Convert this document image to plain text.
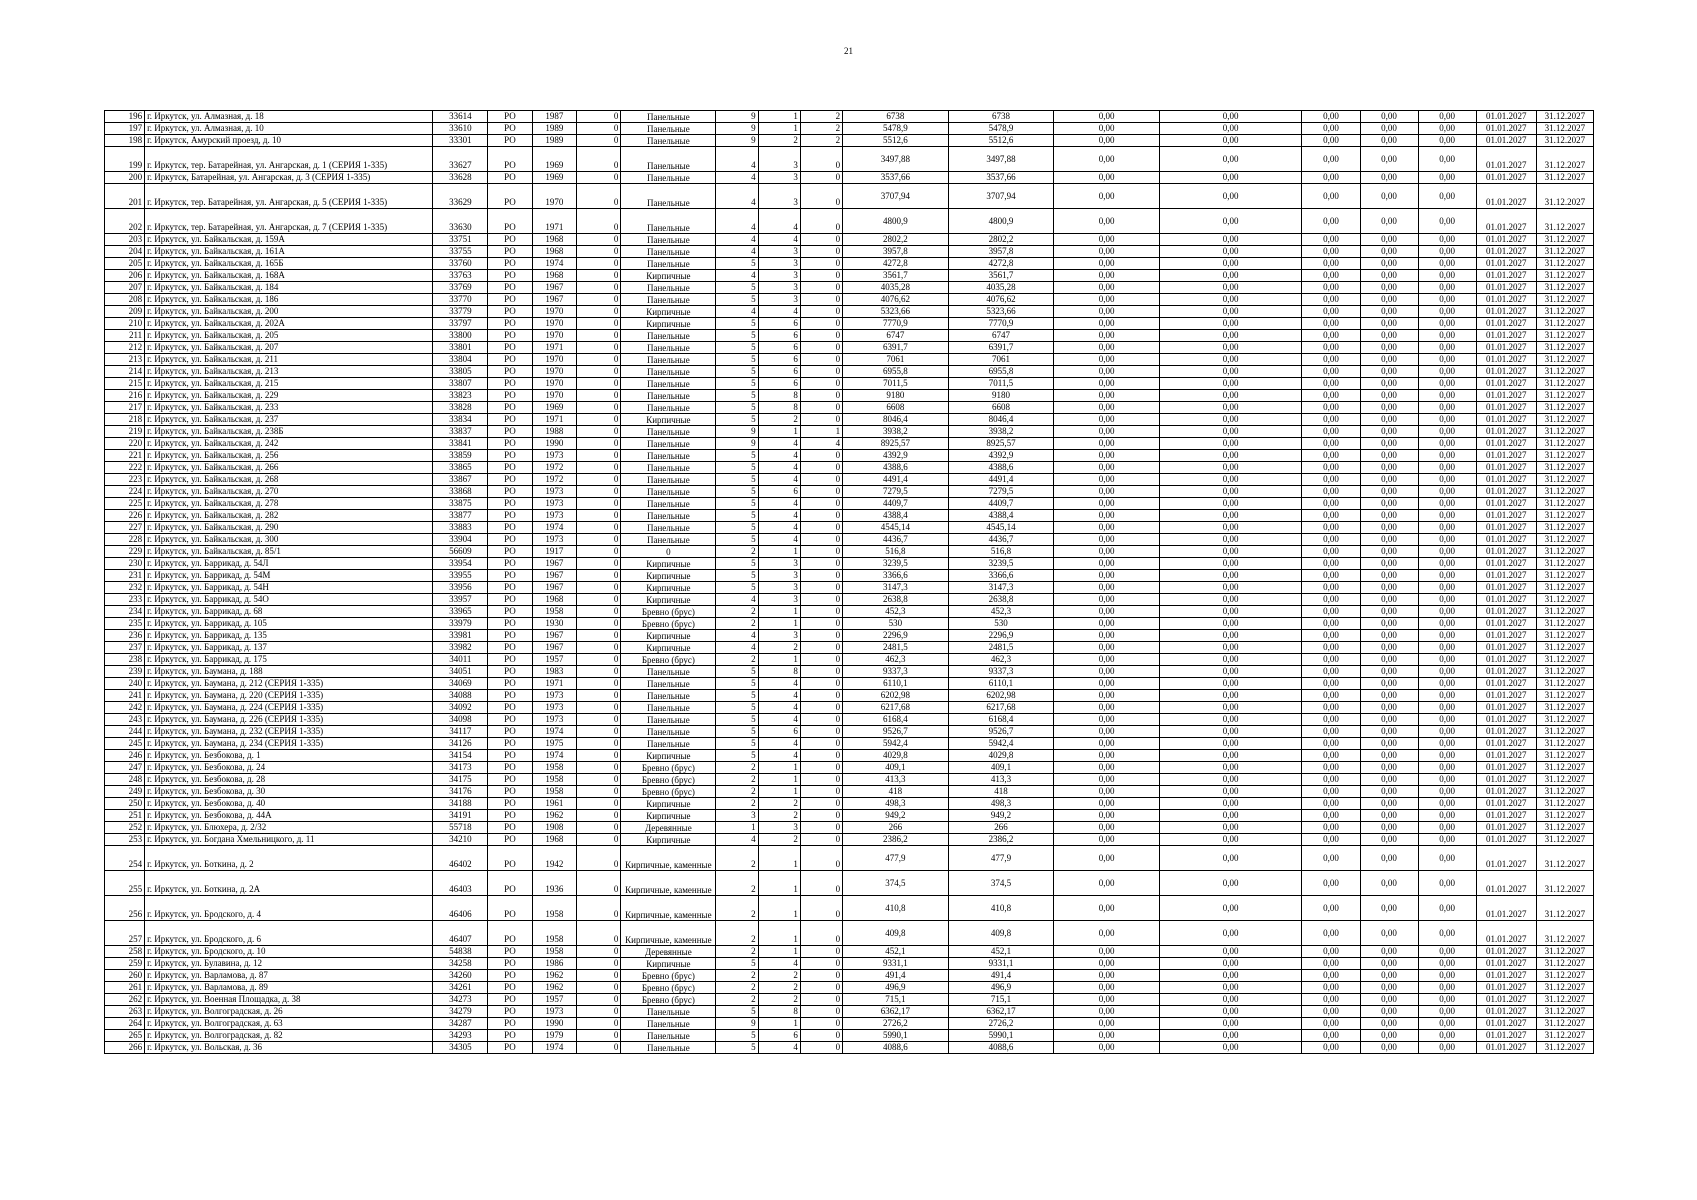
21
196	г. Иркутск, ул. Алмазная, д. 18	33614	РО	1987	0	Панельные	9	1	2	6738	6738	0,00	0,00	0,00	0,00	0,00	01.01.2027	31.12.2027
197	г. Иркутск, ул. Алмазная, д. 10	33610	РО	1989	0	Панельные	9	1	2	5478,9	5478,9	0,00	0,00	0,00	0,00	0,00	01.01.2027	31.12.2027
198	г. Иркутск, Амурский проезд, д. 10	33301	РО	1989	0	Панельные	9	2	2	5512,6	5512,6	0,00	0,00	0,00	0,00	0,00	01.01.2027	31.12.2027
199	г. Иркутск, тер. Батарейная, ул. Ангарская, д. 1 (СЕРИЯ 1-335)	33627	РО	1969	0	Панельные	4	3	0	3497,88	3497,88	0,00	0,00	0,00	0,00	0,00	01.01.2027	31.12.2027
200	г. Иркутск, Батарейная, ул. Ангарская, д. 3 (СЕРИЯ 1-335)	33628	РО	1969	0	Панельные	4	3	0	3537,66	3537,66	0,00	0,00	0,00	0,00	0,00	01.01.2027	31.12.2027
201	г. Иркутск, тер. Батарейная, ул. Ангарская, д. 5 (СЕРИЯ 1-335)	33629	РО	1970	0	Панельные	4	3	0	3707,94	3707,94	0,00	0,00	0,00	0,00	0,00	01.01.2027	31.12.2027
202	г. Иркутск, тер. Батарейная, ул. Ангарская, д. 7 (СЕРИЯ 1-335)	33630	РО	1971	0	Панельные	4	4	0	4800,9	4800,9	0,00	0,00	0,00	0,00	0,00	01.01.2027	31.12.2027
203	г. Иркутск, ул. Байкальская, д. 159А	33751	РО	1968	0	Панельные	4	4	0	2802,2	2802,2	0,00	0,00	0,00	0,00	0,00	01.01.2027	31.12.2027
204	г. Иркутск, ул. Байкальская, д. 161А	33755	РО	1968	0	Панельные	4	3	0	3957,8	3957,8	0,00	0,00	0,00	0,00	0,00	01.01.2027	31.12.2027
205	г. Иркутск, ул. Байкальская, д. 165Б	33760	РО	1974	0	Панельные	5	3	0	4272,8	4272,8	0,00	0,00	0,00	0,00	0,00	01.01.2027	31.12.2027
206	г. Иркутск, ул. Байкальская, д. 168А	33763	РО	1968	0	Кирпичные	4	3	0	3561,7	3561,7	0,00	0,00	0,00	0,00	0,00	01.01.2027	31.12.2027
207	г. Иркутск, ул. Байкальская, д. 184	33769	РО	1967	0	Панельные	5	3	0	4035,28	4035,28	0,00	0,00	0,00	0,00	0,00	01.01.2027	31.12.2027
208	г. Иркутск, ул. Байкальская, д. 186	33770	РО	1967	0	Панельные	5	3	0	4076,62	4076,62	0,00	0,00	0,00	0,00	0,00	01.01.2027	31.12.2027
209	г. Иркутск, ул. Байкальская, д. 200	33779	РО	1970	0	Кирпичные	4	4	0	5323,66	5323,66	0,00	0,00	0,00	0,00	0,00	01.01.2027	31.12.2027
210	г. Иркутск, ул. Байкальская, д. 202А	33797	РО	1970	0	Кирпичные	5	6	0	7770,9	7770,9	0,00	0,00	0,00	0,00	0,00	01.01.2027	31.12.2027
211	г. Иркутск, ул. Байкальская, д. 205	33800	РО	1970	0	Панельные	5	6	0	6747	6747	0,00	0,00	0,00	0,00	0,00	01.01.2027	31.12.2027
212	г. Иркутск, ул. Байкальская, д. 207	33801	РО	1971	0	Панельные	5	6	0	6391,7	6391,7	0,00	0,00	0,00	0,00	0,00	01.01.2027	31.12.2027
213	г. Иркутск, ул. Байкальская, д. 211	33804	РО	1970	0	Панельные	5	6	0	7061	7061	0,00	0,00	0,00	0,00	0,00	01.01.2027	31.12.2027
214	г. Иркутск, ул. Байкальская, д. 213	33805	РО	1970	0	Панельные	5	6	0	6955,8	6955,8	0,00	0,00	0,00	0,00	0,00	01.01.2027	31.12.2027
215	г. Иркутск, ул. Байкальская, д. 215	33807	РО	1970	0	Панельные	5	6	0	7011,5	7011,5	0,00	0,00	0,00	0,00	0,00	01.01.2027	31.12.2027
216	г. Иркутск, ул. Байкальская, д. 229	33823	РО	1970	0	Панельные	5	8	0	9180	9180	0,00	0,00	0,00	0,00	0,00	01.01.2027	31.12.2027
217	г. Иркутск, ул. Байкальская, д. 233	33828	РО	1969	0	Панельные	5	8	0	6608	6608	0,00	0,00	0,00	0,00	0,00	01.01.2027	31.12.2027
218	г. Иркутск, ул. Байкальская, д. 237	33834	РО	1971	0	Кирпичные	5	2	0	8046,4	8046,4	0,00	0,00	0,00	0,00	0,00	01.01.2027	31.12.2027
219	г. Иркутск, ул. Байкальская, д. 238Б	33837	РО	1988	0	Панельные	9	1	1	3938,2	3938,2	0,00	0,00	0,00	0,00	0,00	01.01.2027	31.12.2027
220	г. Иркутск, ул. Байкальская, д. 242	33841	РО	1990	0	Панельные	9	4	4	8925,57	8925,57	0,00	0,00	0,00	0,00	0,00	01.01.2027	31.12.2027
221	г. Иркутск, ул. Байкальская, д. 256	33859	РО	1973	0	Панельные	5	4	0	4392,9	4392,9	0,00	0,00	0,00	0,00	0,00	01.01.2027	31.12.2027
222	г. Иркутск, ул. Байкальская, д. 266	33865	РО	1972	0	Панельные	5	4	0	4388,6	4388,6	0,00	0,00	0,00	0,00	0,00	01.01.2027	31.12.2027
223	г. Иркутск, ул. Байкальская, д. 268	33867	РО	1972	0	Панельные	5	4	0	4491,4	4491,4	0,00	0,00	0,00	0,00	0,00	01.01.2027	31.12.2027
224	г. Иркутск, ул. Байкальская, д. 270	33868	РО	1973	0	Панельные	5	6	0	7279,5	7279,5	0,00	0,00	0,00	0,00	0,00	01.01.2027	31.12.2027
225	г. Иркутск, ул. Байкальская, д. 278	33875	РО	1973	0	Панельные	5	4	0	4409,7	4409,7	0,00	0,00	0,00	0,00	0,00	01.01.2027	31.12.2027
226	г. Иркутск, ул. Байкальская, д. 282	33877	РО	1973	0	Панельные	5	4	0	4388,4	4388,4	0,00	0,00	0,00	0,00	0,00	01.01.2027	31.12.2027
227	г. Иркутск, ул. Байкальская, д. 290	33883	РО	1974	0	Панельные	5	4	0	4545,14	4545,14	0,00	0,00	0,00	0,00	0,00	01.01.2027	31.12.2027
228	г. Иркутск, ул. Байкальская, д. 300	33904	РО	1973	0	Панельные	5	4	0	4436,7	4436,7	0,00	0,00	0,00	0,00	0,00	01.01.2027	31.12.2027
229	г. Иркутск, ул. Байкальская, д. 85/1	56609	РО	1917	0	0	2	1	0	516,8	516,8	0,00	0,00	0,00	0,00	0,00	01.01.2027	31.12.2027
230	г. Иркутск, ул. Баррикад, д. 54Л	33954	РО	1967	0	Кирпичные	5	3	0	3239,5	3239,5	0,00	0,00	0,00	0,00	0,00	01.01.2027	31.12.2027
231	г. Иркутск, ул. Баррикад, д. 54М	33955	РО	1967	0	Кирпичные	5	3	0	3366,6	3366,6	0,00	0,00	0,00	0,00	0,00	01.01.2027	31.12.2027
232	г. Иркутск, ул. Баррикад, д. 54Н	33956	РО	1967	0	Кирпичные	5	3	0	3147,3	3147,3	0,00	0,00	0,00	0,00	0,00	01.01.2027	31.12.2027
233	г. Иркутск, ул. Баррикад, д. 54О	33957	РО	1968	0	Кирпичные	4	3	0	2638,8	2638,8	0,00	0,00	0,00	0,00	0,00	01.01.2027	31.12.2027
234	г. Иркутск, ул. Баррикад, д. 68	33965	РО	1958	0	Бревно (брус)	2	1	0	452,3	452,3	0,00	0,00	0,00	0,00	0,00	01.01.2027	31.12.2027
235	г. Иркутск, ул. Баррикад, д. 105	33979	РО	1930	0	Бревно (брус)	2	1	0	530	530	0,00	0,00	0,00	0,00	0,00	01.01.2027	31.12.2027
236	г. Иркутск, ул. Баррикад, д. 135	33981	РО	1967	0	Кирпичные	4	3	0	2296,9	2296,9	0,00	0,00	0,00	0,00	0,00	01.01.2027	31.12.2027
237	г. Иркутск, ул. Баррикад, д. 137	33982	РО	1967	0	Кирпичные	4	2	0	2481,5	2481,5	0,00	0,00	0,00	0,00	0,00	01.01.2027	31.12.2027
238	г. Иркутск, ул. Баррикад, д. 175	34011	РО	1957	0	Бревно (брус)	2	1	0	462,3	462,3	0,00	0,00	0,00	0,00	0,00	01.01.2027	31.12.2027
239	г. Иркутск, ул. Баумана, д. 188	34051	РО	1983	0	Панельные	5	8	0	9337,3	9337,3	0,00	0,00	0,00	0,00	0,00	01.01.2027	31.12.2027
240	г. Иркутск, ул. Баумана, д. 212 (СЕРИЯ 1-335)	34069	РО	1971	0	Панельные	5	4	0	6110,1	6110,1	0,00	0,00	0,00	0,00	0,00	01.01.2027	31.12.2027
241	г. Иркутск, ул. Баумана, д. 220 (СЕРИЯ 1-335)	34088	РО	1973	0	Панельные	5	4	0	6202,98	6202,98	0,00	0,00	0,00	0,00	0,00	01.01.2027	31.12.2027
242	г. Иркутск, ул. Баумана, д. 224 (СЕРИЯ 1-335)	34092	РО	1973	0	Панельные	5	4	0	6217,68	6217,68	0,00	0,00	0,00	0,00	0,00	01.01.2027	31.12.2027
243	г. Иркутск, ул. Баумана, д. 226 (СЕРИЯ 1-335)	34098	РО	1973	0	Панельные	5	4	0	6168,4	6168,4	0,00	0,00	0,00	0,00	0,00	01.01.2027	31.12.2027
244	г. Иркутск, ул. Баумана, д. 232 (СЕРИЯ 1-335)	34117	РО	1974	0	Панельные	5	6	0	9526,7	9526,7	0,00	0,00	0,00	0,00	0,00	01.01.2027	31.12.2027
245	г. Иркутск, ул. Баумана, д. 234 (СЕРИЯ 1-335)	34126	РО	1975	0	Панельные	5	4	0	5942,4	5942,4	0,00	0,00	0,00	0,00	0,00	01.01.2027	31.12.2027
246	г. Иркутск, ул. Безбокова, д. 1	34154	РО	1974	0	Кирпичные	5	4	0	4029,8	4029,8	0,00	0,00	0,00	0,00	0,00	01.01.2027	31.12.2027
247	г. Иркутск, ул. Безбокова, д. 24	34173	РО	1958	0	Бревно (брус)	2	1	0	409,1	409,1	0,00	0,00	0,00	0,00	0,00	01.01.2027	31.12.2027
248	г. Иркутск, ул. Безбокова, д. 28	34175	РО	1958	0	Бревно (брус)	2	1	0	413,3	413,3	0,00	0,00	0,00	0,00	0,00	01.01.2027	31.12.2027
249	г. Иркутск, ул. Безбокова, д. 30	34176	РО	1958	0	Бревно (брус)	2	1	0	418	418	0,00	0,00	0,00	0,00	0,00	01.01.2027	31.12.2027
250	г. Иркутск, ул. Безбокова, д. 40	34188	РО	1961	0	Кирпичные	2	2	0	498,3	498,3	0,00	0,00	0,00	0,00	0,00	01.01.2027	31.12.2027
251	г. Иркутск, ул. Безбокова, д. 44А	34191	РО	1962	0	Кирпичные	3	2	0	949,2	949,2	0,00	0,00	0,00	0,00	0,00	01.01.2027	31.12.2027
252	г. Иркутск, ул. Блюхера, д. 2/32	55718	РО	1908	0	Деревянные	1	3	0	266	266	0,00	0,00	0,00	0,00	0,00	01.01.2027	31.12.2027
253	г. Иркутск, ул. Богдана Хмельницкого, д. 11	34210	РО	1968	0	Кирпичные	4	2	0	2386,2	2386,2	0,00	0,00	0,00	0,00	0,00	01.01.2027	31.12.2027
254	г. Иркутск, ул. Боткина, д. 2	46402	РО	1942	0	Кирпичные, каменные	2	1	0	477,9	477,9	0,00	0,00	0,00	0,00	0,00	01.01.2027	31.12.2027
255	г. Иркутск, ул. Боткина, д. 2А	46403	РО	1936	0	Кирпичные, каменные	2	1	0	374,5	374,5	0,00	0,00	0,00	0,00	0,00	01.01.2027	31.12.2027
256	г. Иркутск, ул. Бродского, д. 4	46406	РО	1958	0	Кирпичные, каменные	2	1	0	410,8	410,8	0,00	0,00	0,00	0,00	0,00	01.01.2027	31.12.2027
257	г. Иркутск, ул. Бродского, д. 6	46407	РО	1958	0	Кирпичные, каменные	2	1	0	409,8	409,8	0,00	0,00	0,00	0,00	0,00	01.01.2027	31.12.2027
258	г. Иркутск, ул. Бродского, д. 10	54838	РО	1958	0	Деревянные	2	1	0	452,1	452,1	0,00	0,00	0,00	0,00	0,00	01.01.2027	31.12.2027
259	г. Иркутск, ул. Булавина, д. 12	34258	РО	1986	0	Кирпичные	5	4	0	9331,1	9331,1	0,00	0,00	0,00	0,00	0,00	01.01.2027	31.12.2027
260	г. Иркутск, ул. Варламова, д. 87	34260	РО	1962	0	Бревно (брус)	2	2	0	491,4	491,4	0,00	0,00	0,00	0,00	0,00	01.01.2027	31.12.2027
261	г. Иркутск, ул. Варламова, д. 89	34261	РО	1962	0	Бревно (брус)	2	2	0	496,9	496,9	0,00	0,00	0,00	0,00	0,00	01.01.2027	31.12.2027
262	г. Иркутск, ул. Военная Площадка, д. 38	34273	РО	1957	0	Бревно (брус)	2	2	0	715,1	715,1	0,00	0,00	0,00	0,00	0,00	01.01.2027	31.12.2027
263	г. Иркутск, ул. Волгоградская, д. 26	34279	РО	1973	0	Панельные	5	8	0	6362,17	6362,17	0,00	0,00	0,00	0,00	0,00	01.01.2027	31.12.2027
264	г. Иркутск, ул. Волгоградская, д. 63	34287	РО	1990	0	Панельные	9	1	0	2726,2	2726,2	0,00	0,00	0,00	0,00	0,00	01.01.2027	31.12.2027
265	г. Иркутск, ул. Волгоградская, д. 82	34293	РО	1979	0	Панельные	5	6	0	5990,1	5990,1	0,00	0,00	0,00	0,00	0,00	01.01.2027	31.12.2027
266	г. Иркутск, ул. Вольская, д. 36	34305	РО	1974	0	Панельные	5	4	0	4088,6	4088,6	0,00	0,00	0,00	0,00	0,00	01.01.2027	31.12.2027
